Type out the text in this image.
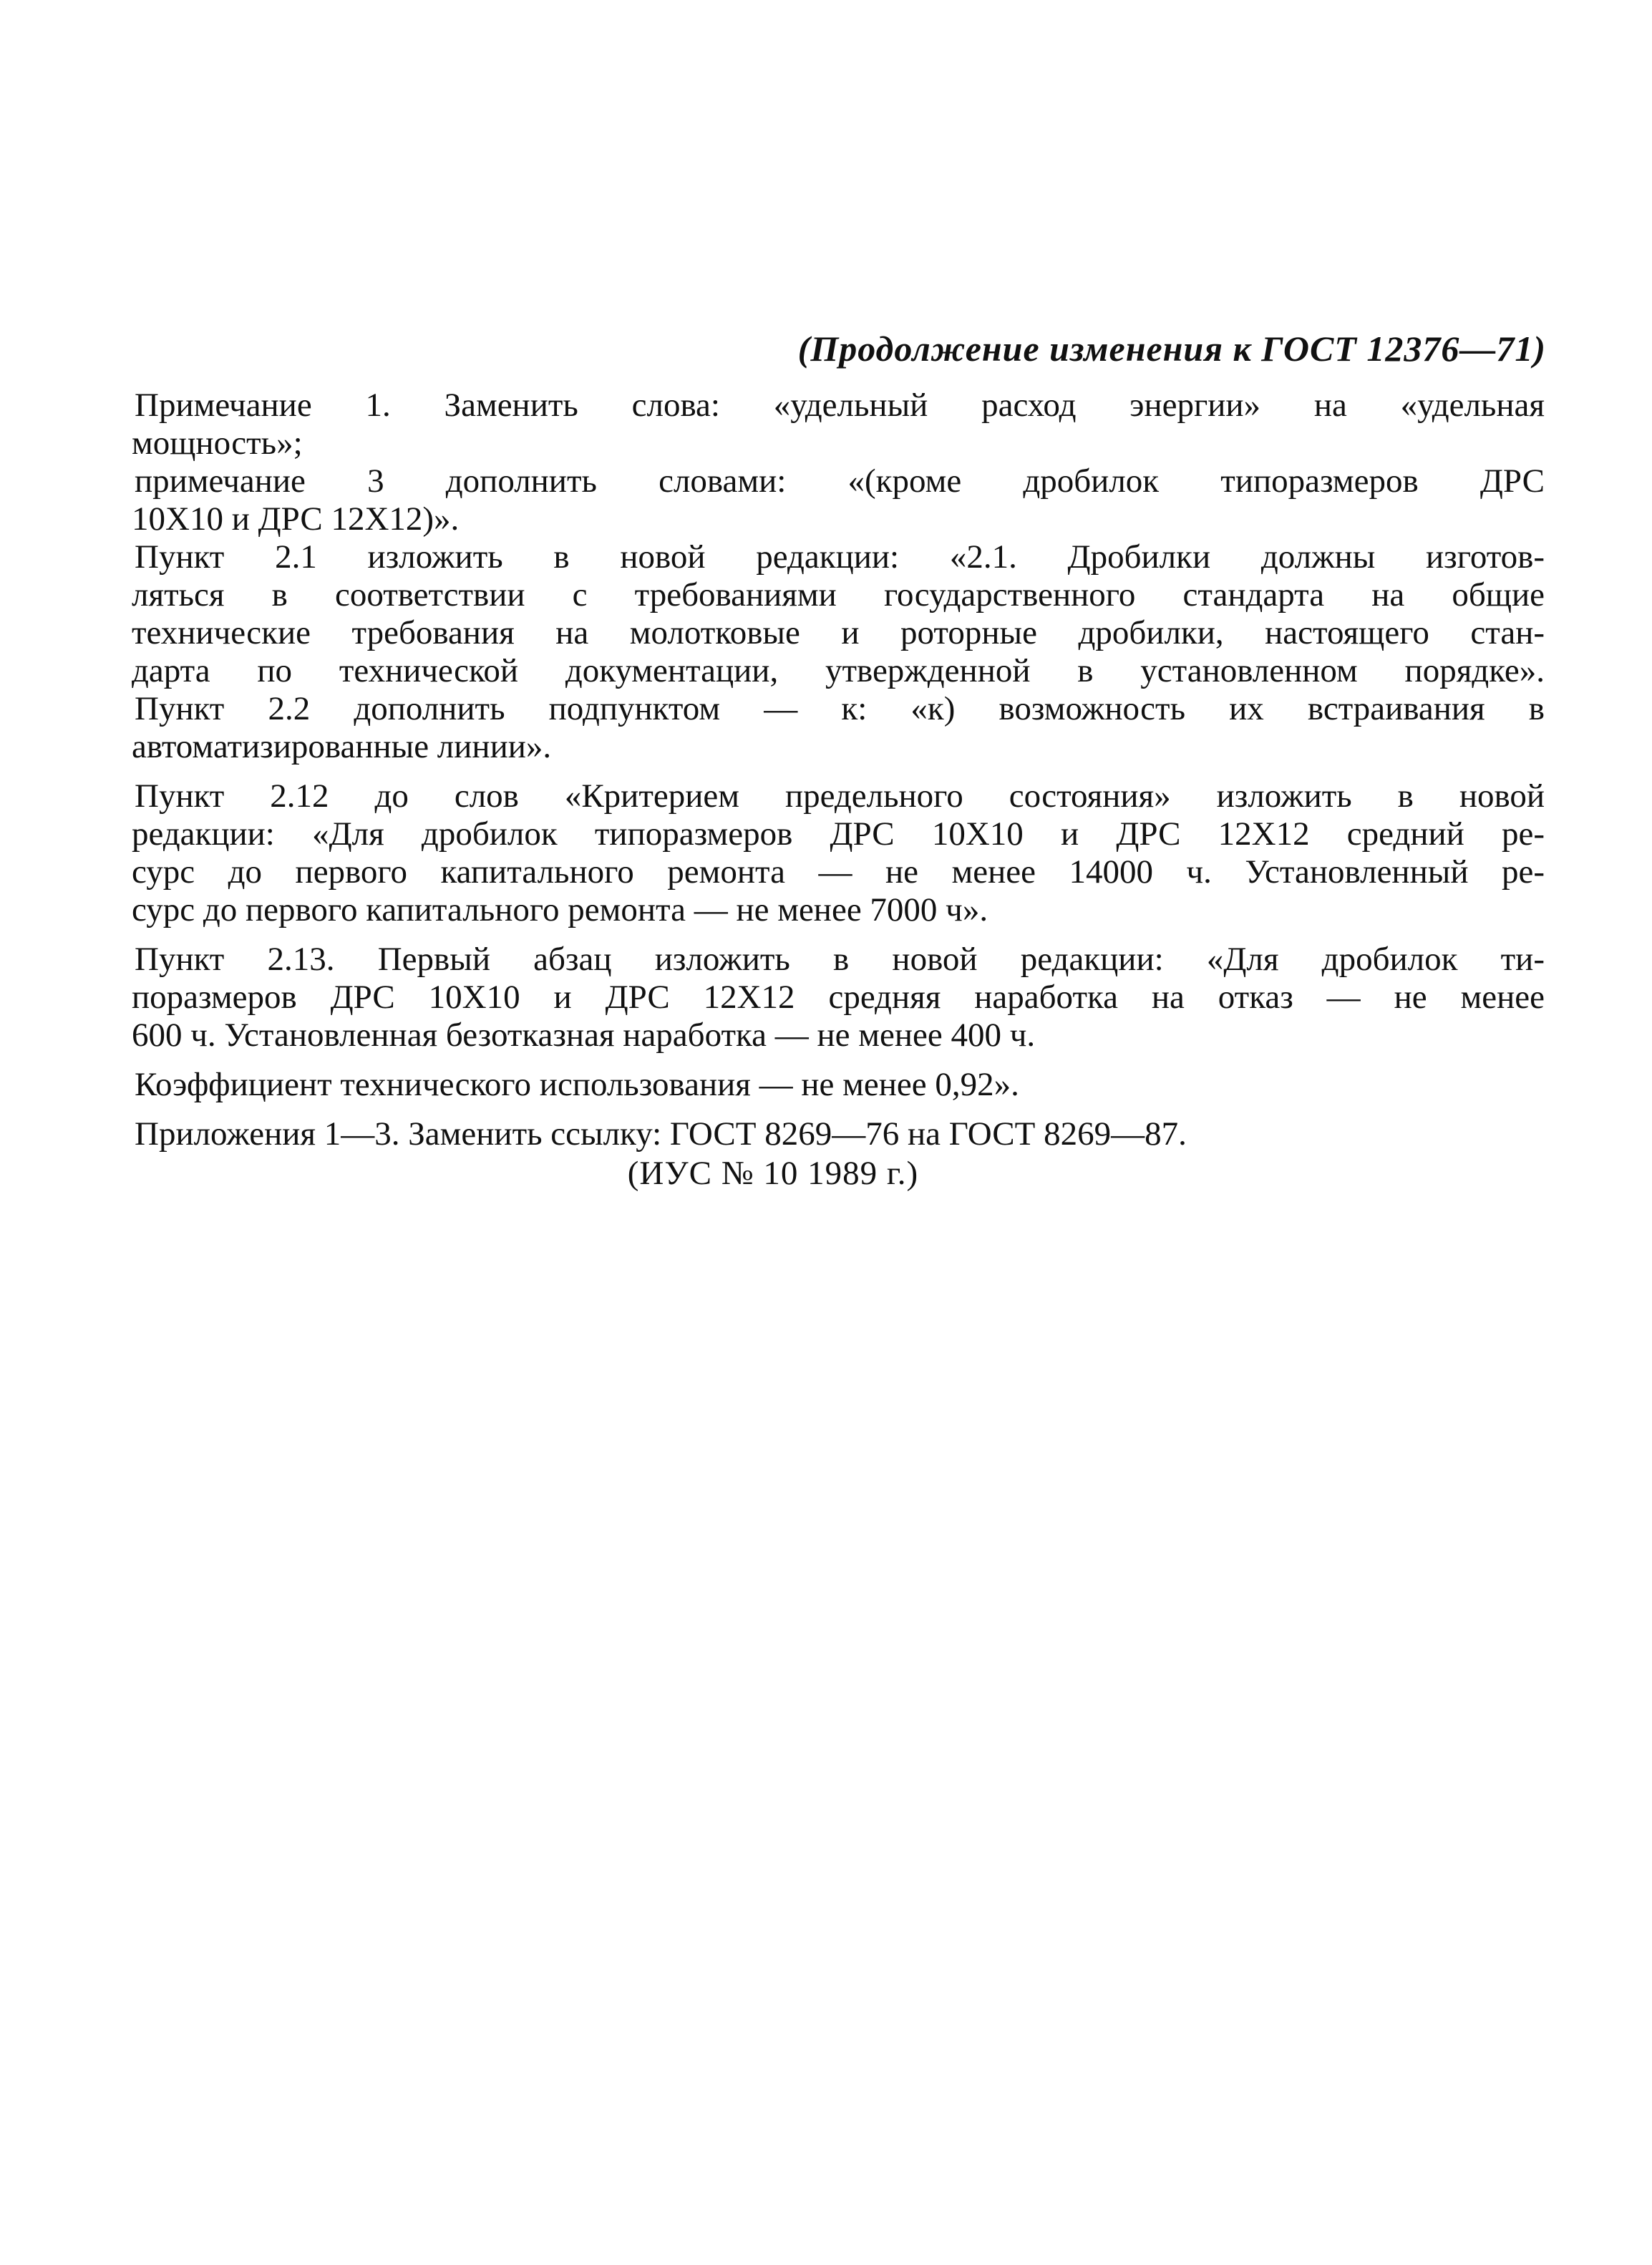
(Продолжение изменения к ГОСТ 12376—71)
Примечание 1. Заменить слова: «удельный расход энергии» на «удельная
мощность»;
примечание 3 дополнить словами: «(кроме дробилок типоразмеров ДРС
10X10 и ДРС 12X12)».
Пункт 2.1 изложить в новой редакции: «2.1. Дробилки должны изготов-
ляться в соответствии с требованиями государственного стандарта на общие
технические требования на молотковые и роторные дробилки, настоящего стан-
дарта по технической документации, утвержденной в установленном порядке».
Пункт 2.2 дополнить подпунктом — к: «к) возможность их встраивания в
автоматизированные линии».
Пункт 2.12 до слов «Критерием предельного состояния» изложить в новой
редакции: «Для дробилок типоразмеров ДРС 10X10 и ДРС 12X12 средний ре-
сурс до первого капитального ремонта — не менее 14000 ч. Установленный ре-
сурс до первого капитального ремонта — не менее 7000 ч».
Пункт 2.13. Первый абзац изложить в новой редакции: «Для дробилок ти-
поразмеров ДРС 10X10 и ДРС 12X12 средняя наработка на отказ — не менее
600 ч. Установленная безотказная наработка — не менее 400 ч.
Коэффициент технического использования — не менее 0,92».
Приложения 1—3. Заменить ссылку: ГОСТ 8269—76 на ГОСТ 8269—87.
(ИУС № 10 1989 г.)
